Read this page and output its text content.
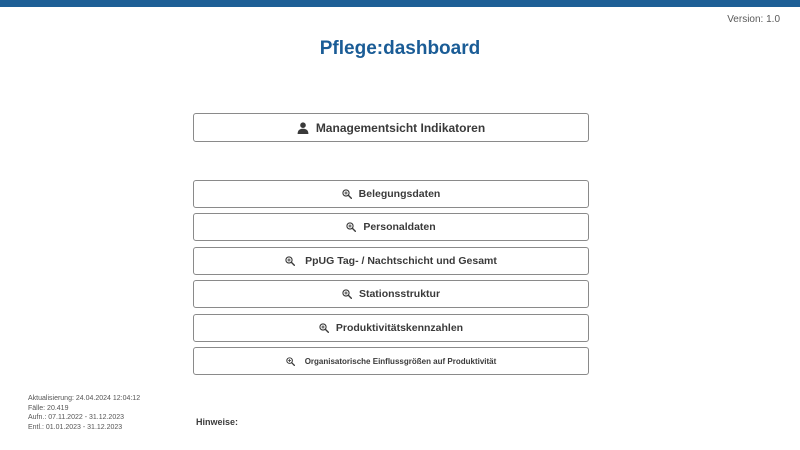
Version: 1.0
Pflege:dashboard
Managementsicht Indikatoren
Belegungsdaten
Personaldaten
PpUG Tag- / Nachtschicht und Gesamt
Stationsstruktur
Produktivitätskennzahlen
Organisatorische Einflussgrößen auf Produktivität
Aktualisierung: 24.04.2024 12:04:12
Fälle: 20.419
Aufn.: 07.11.2022 - 31.12.2023
Entl.: 01.01.2023 - 31.12.2023	Hinweise:
